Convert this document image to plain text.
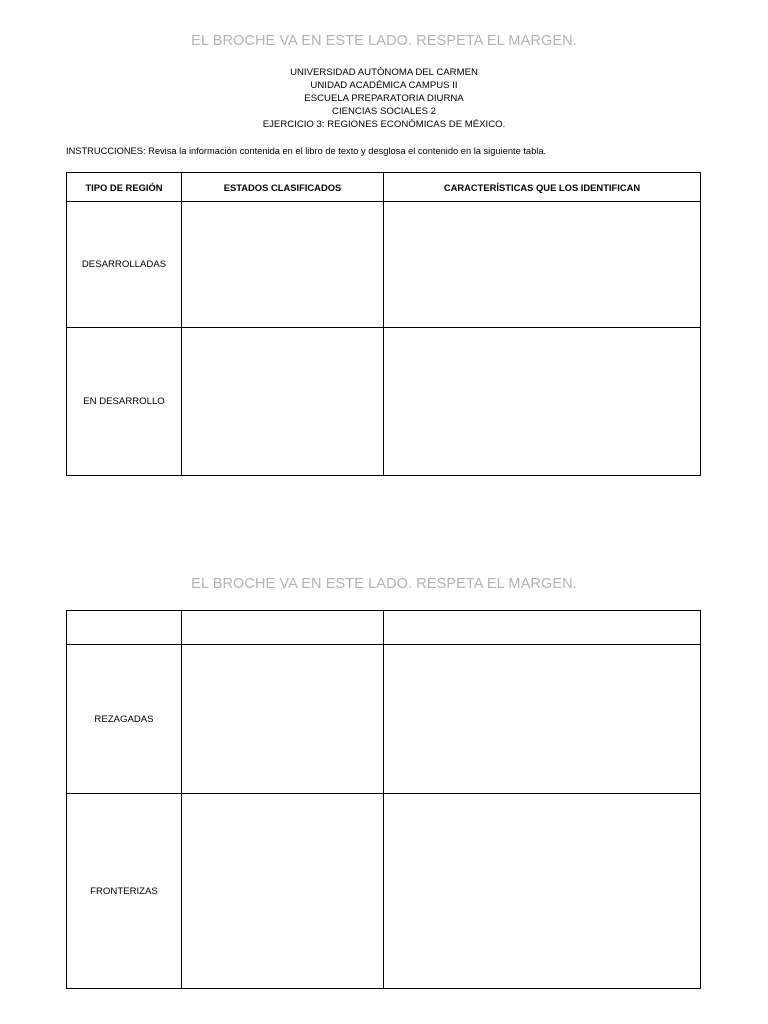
EL BROCHE VA EN ESTE LADO. RESPETA EL MARGEN.
UNIVERSIDAD AUTÓNOMA DEL CARMEN
UNIDAD ACADÉMICA CAMPUS II
ESCUELA PREPARATORIA DIURNA
CIENCIAS SOCIALES 2
EJERCICIO 3: REGIONES ECONÓMICAS DE MÉXICO.
INSTRUCCIONES: Revisa la información contenida en el libro de texto y desglosa el contenido en la siguiente tabla.
TIPO DE REGIÓN	ESTADOS CLASIFICADOS	CARACTERÍSTICAS QUE LOS IDENTIFICAN
DESARROLLADAS		
EN DESARROLLO		
EL BROCHE VA EN ESTE LADO. RESPETA EL MARGEN.

REZAGADAS		
FRONTERIZAS		
